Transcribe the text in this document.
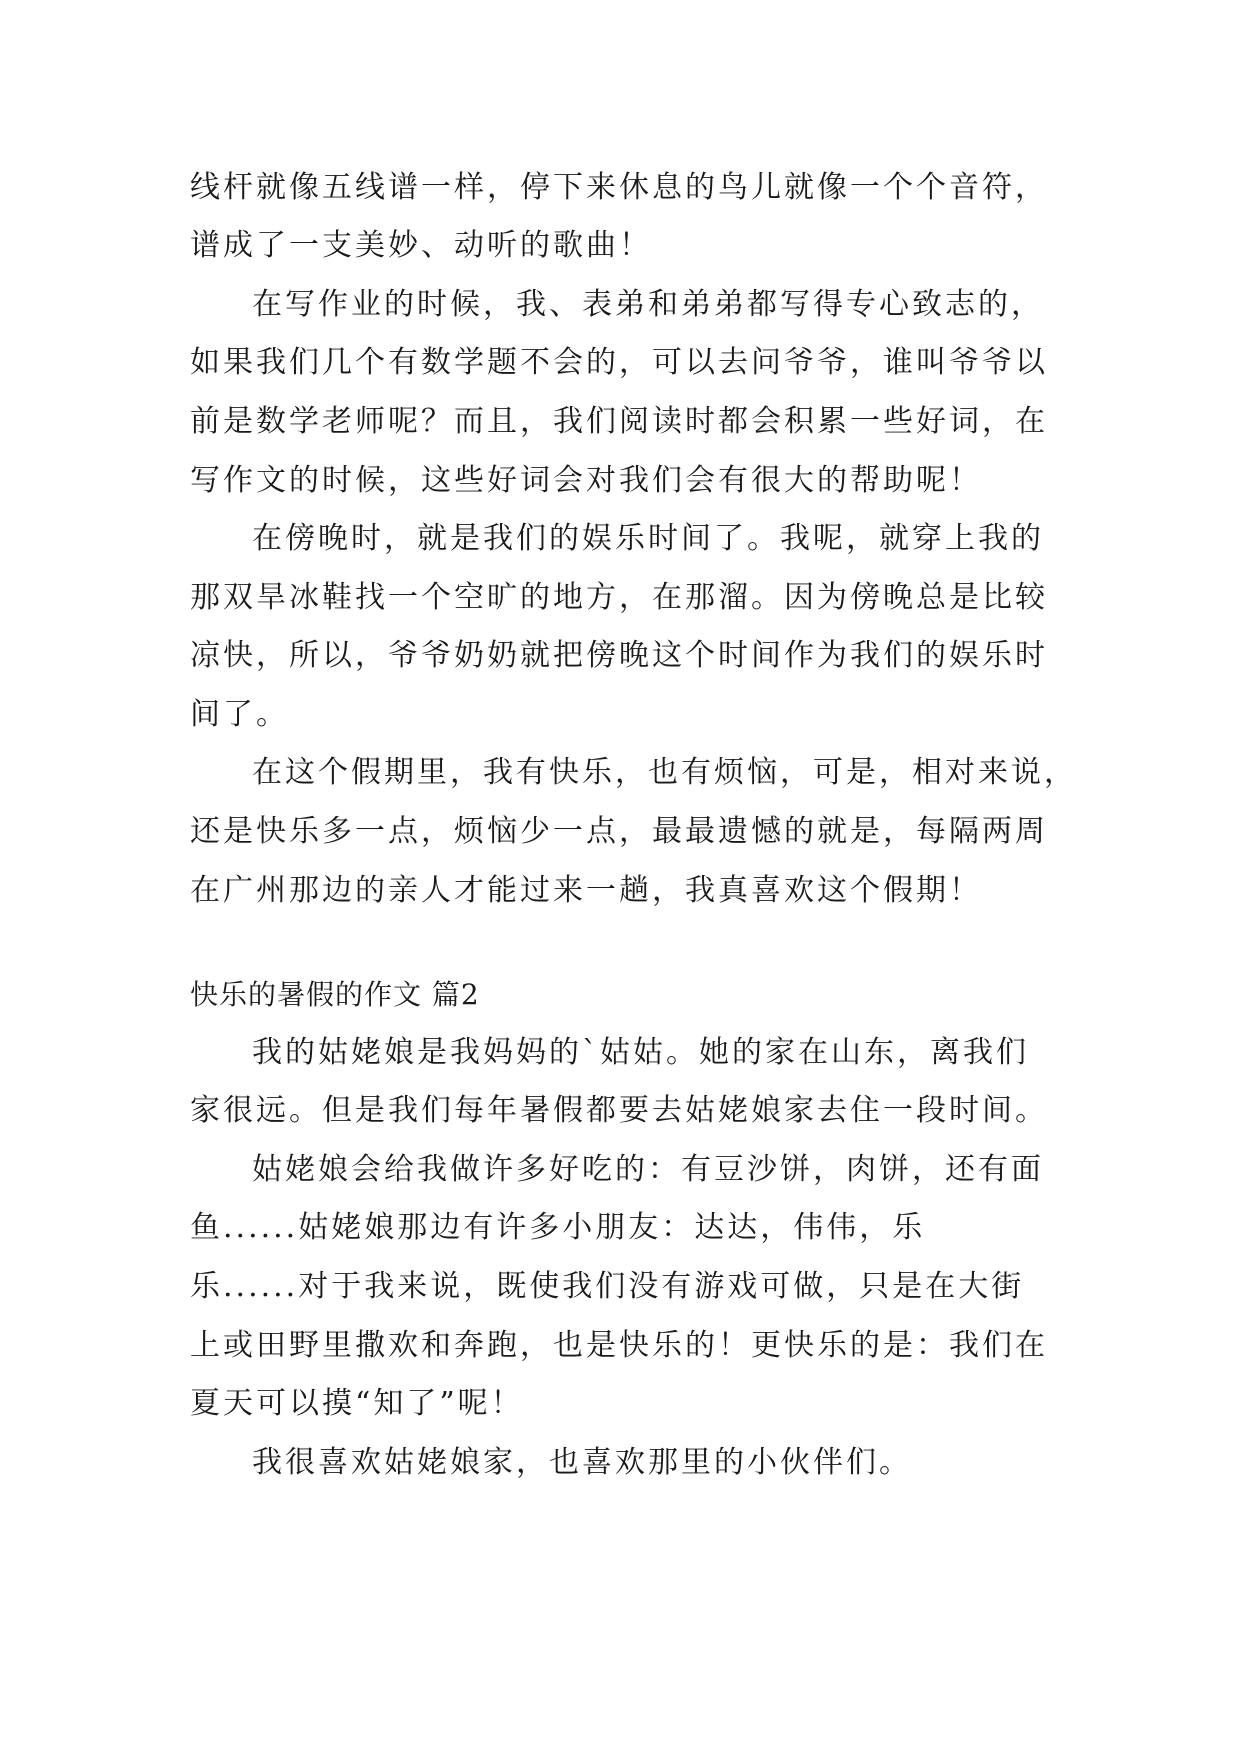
线杆就像五线谱一样，停下来休息的鸟儿就像一个个音符，
谱成了一支美妙、动听的歌曲！
在写作业的时候，我、表弟和弟弟都写得专心致志的，
如果我们几个有数学题不会的，可以去问爷爷，谁叫爷爷以
前是数学老师呢？而且，我们阅读时都会积累一些好词，在
写作文的时候，这些好词会对我们会有很大的帮助呢！
在傍晚时，就是我们的娱乐时间了。我呢，就穿上我的
那双旱冰鞋找一个空旷的地方，在那溜。因为傍晚总是比较
凉快，所以，爷爷奶奶就把傍晚这个时间作为我们的娱乐时
间了。
在这个假期里，我有快乐，也有烦恼，可是，相对来说，
还是快乐多一点，烦恼少一点，最最遗憾的就是，每隔两周
在广州那边的亲人才能过来一趟，我真喜欢这个假期！
快乐的暑假的作文 篇2
我的姑姥娘是我妈妈的`姑姑。她的家在山东，离我们
家很远。但是我们每年暑假都要去姑姥娘家去住一段时间。
姑姥娘会给我做许多好吃的：有豆沙饼，肉饼，还有面
鱼......姑姥娘那边有许多小朋友：达达，伟伟，乐
乐......对于我来说，既使我们没有游戏可做，只是在大街
上或田野里撒欢和奔跑，也是快乐的！更快乐的是：我们在
夏天可以摸“知了”呢！
我很喜欢姑姥娘家，也喜欢那里的小伙伴们。
